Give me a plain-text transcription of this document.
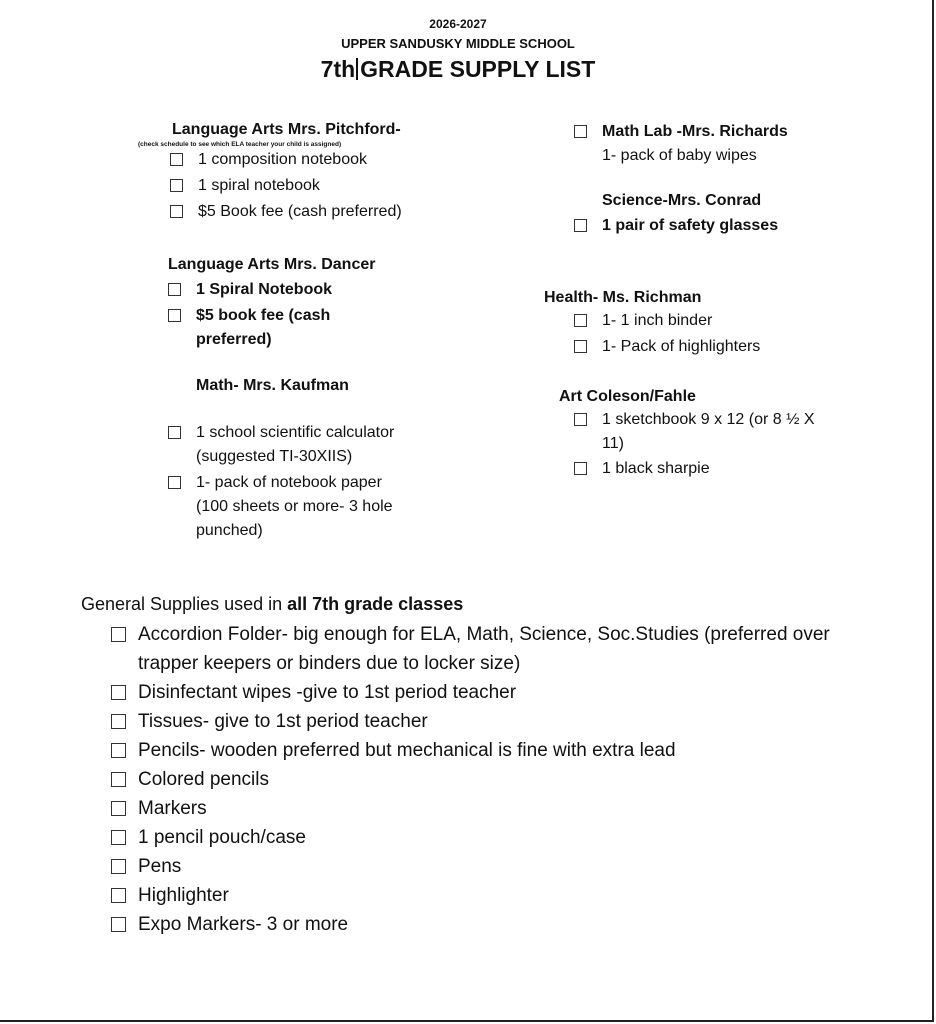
2026-2027
UPPER SANDUSKY MIDDLE SCHOOL
7th GRADE SUPPLY LIST
Language Arts Mrs. Pitchford-
(check schedule to see which ELA teacher your child is assigned)
1 composition notebook
1 spiral notebook
$5 Book fee (cash preferred)
Language Arts Mrs. Dancer
1 Spiral Notebook
$5 book fee (cash preferred)
Math- Mrs. Kaufman
1 school scientific calculator (suggested TI-30XIIS)
1- pack of notebook paper (100 sheets or more- 3 hole punched)
Math Lab -Mrs. Richards
1- pack of baby wipes
Science-Mrs. Conrad
1 pair of safety glasses
Health- Ms. Richman
1- 1 inch binder
1- Pack of highlighters
Art Coleson/Fahle
1 sketchbook 9 x 12 (or 8 ½ X 11)
1 black sharpie
General Supplies used in all 7th grade classes
Accordion Folder- big enough for ELA, Math, Science, Soc.Studies (preferred over trapper keepers or binders due to locker size)
Disinfectant wipes -give to 1st period teacher
Tissues- give to 1st period teacher
Pencils- wooden preferred but mechanical is fine with extra lead
Colored pencils
Markers
1 pencil pouch/case
Pens
Highlighter
Expo Markers- 3 or more
